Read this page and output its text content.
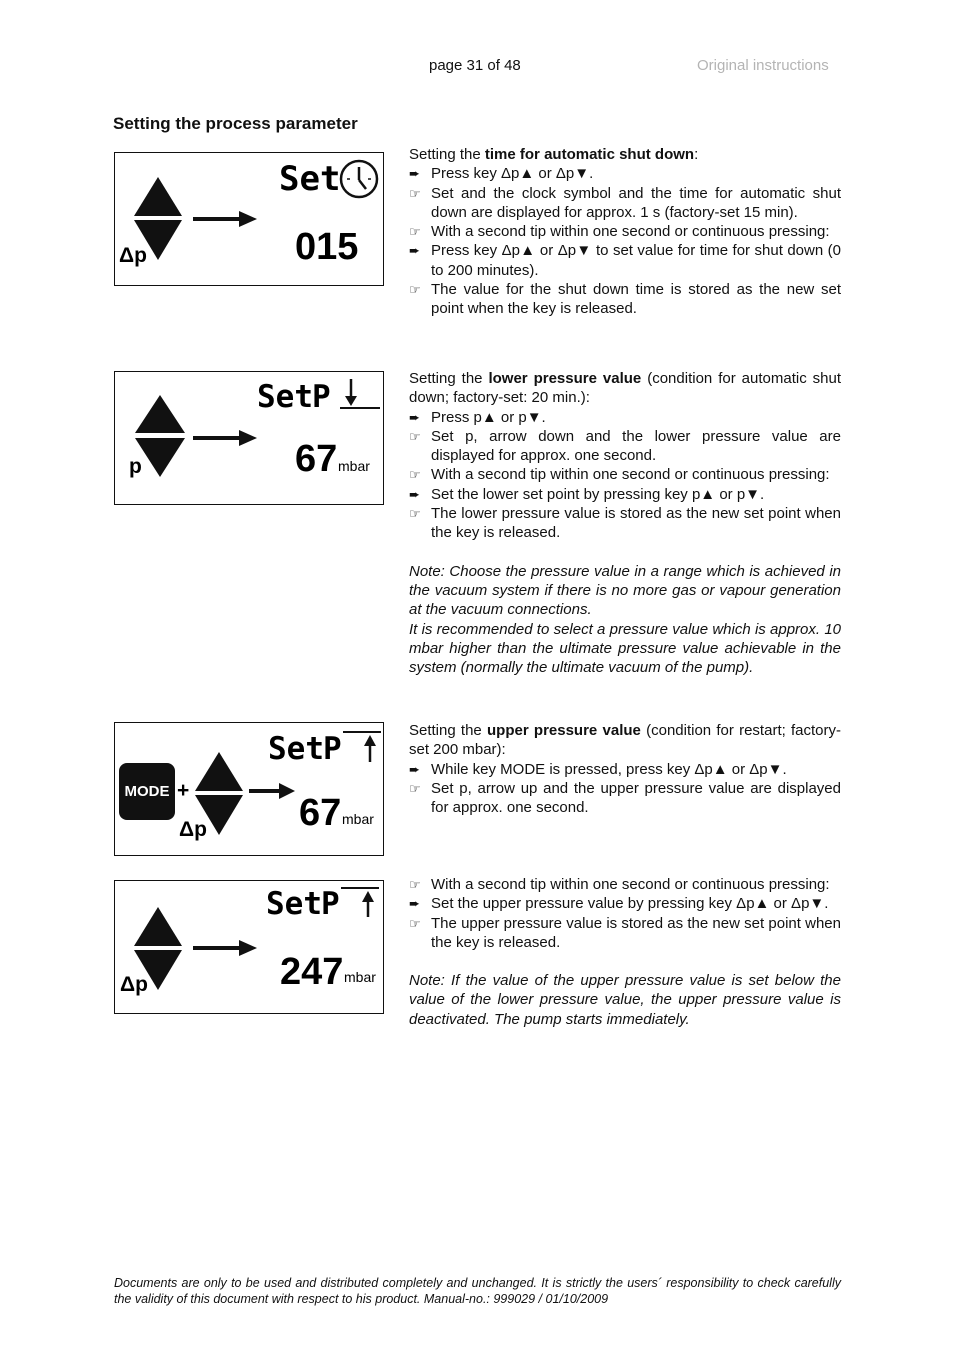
page 31 of 48	Original instructions
Setting the process parameter
Δp
Set
015
p
Set P
67 mbar
MODE +
Δp
Set P
67 mbar
Δp
Set P
247 mbar

Setting the time for automatic shut down:

➨ Press key Δp▲ or Δp▼.
☞ Set and the clock symbol and the time for automatic shut down are displayed for approx. 1 s (factory-set 15 min).
☞ With a second tip within one second or continuous pressing:
➨ Press key Δp▲ or Δp▼ to set value for time for shut down (0 to 200 minutes).
☞ The value for the shut down time is stored as the new set point when the key is released.

Setting the lower pressure value (condition for automatic shut down; factory-set: 20 min.):

➨ Press p▲ or p▼.
☞ Set p, arrow down and the lower pressure value are displayed for approx. one second.
☞ With a second tip within one second or continuous pressing:
➨ Set the lower set point by pressing key p▲ or p▼.
☞ The lower pressure value is stored as the new set point when the key is released.

Note: Choose the pressure value in a range which is achieved in the vacuum system if there is no more gas or vapour generation at the vacuum connections.

It is recommended to select a pressure value which is approx. 10 mbar higher than the ultimate pressure value achievable in the system (normally the ultimate vacuum of the pump).

Setting the upper pressure value (condition for restart; factory-set 200 mbar):

➨ While key MODE is pressed, press key Δp▲ or Δp▼.
☞ Set p, arrow up and the upper pressure value are displayed for approx. one second.
☞ With a second tip within one second or continuous pressing:
➨ Set the upper pressure value by pressing key Δp▲ or Δp▼.
☞ The upper pressure value is stored as the new set point when the key is released.

Note: If the value of the upper pressure value is set below the value of the lower pressure value, the upper pressure value is deactivated. The pump starts immediately.

Documents are only to be used and distributed completely and unchanged. It is strictly the users´ responsibility to check carefully the validity of this document with respect to his product. Manual-no.: 999029 / 01/10/2009
